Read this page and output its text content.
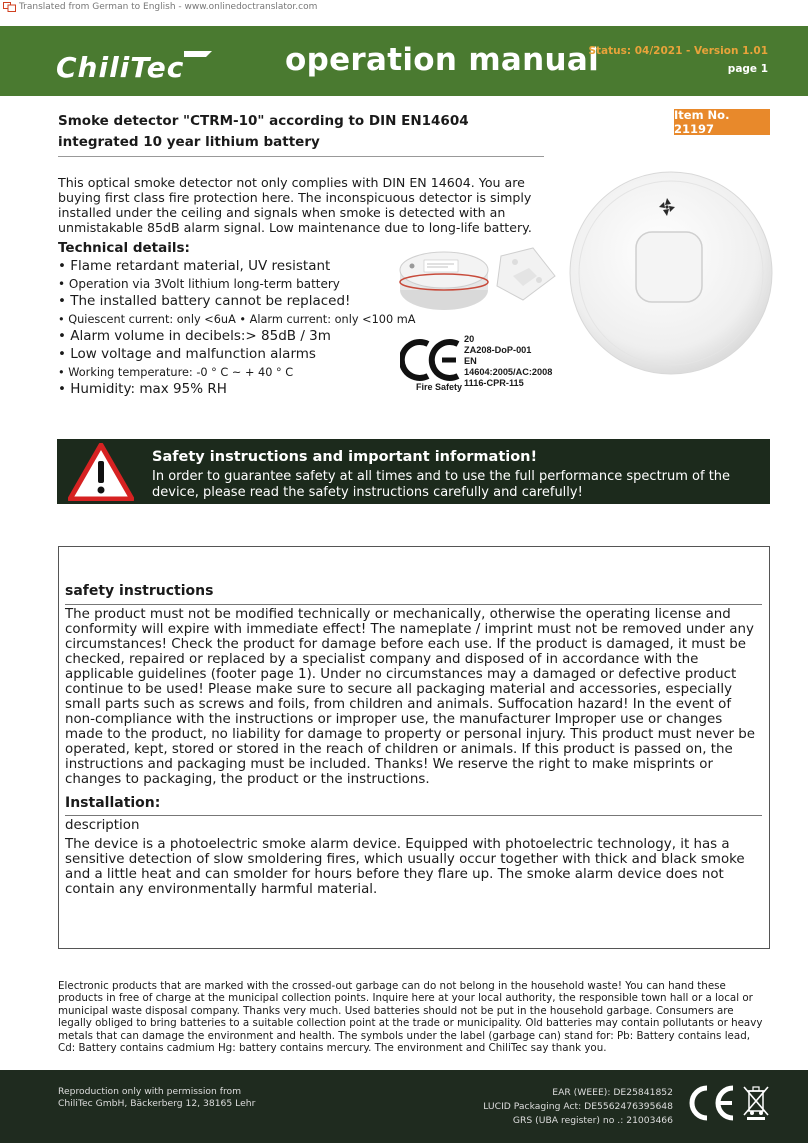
Translated from German to English - www.onlinedoctranslator.com
ChiliTec	operation manual
Status: 04/2021 - Version 1.01
page 1
Smoke detector "CTRM-10" according to DIN EN14604 integrated 10 year lithium battery
Item No. 21197
This optical smoke detector not only complies with DIN EN 14604. You are buying first class fire protection here. The inconspicuous detector is simply installed under the ceiling and signals when smoke is detected with an unmistakable 85dB alarm signal. Low maintenance due to long-life battery.
Technical details:
• Flame retardant material, UV resistant
• Operation via 3Volt lithium long-term battery
• The installed battery cannot be replaced!
• Quiescent current: only <6uA • Alarm current: only <100 mA
• Alarm volume in decibels:> 85dB / 3m
• Low voltage and malfunction alarms
• Working temperature: -0 ° C ~ + 40 ° C
• Humidity: max 95% RH
20
ZA208-DoP-001
EN 14604:2005/AC:2008
1116-CPR-115
Fire Safety
Safety instructions and important information!
In order to guarantee safety at all times and to use the full performance spectrum of the device, please read the safety instructions carefully and carefully!
safety instructions
The product must not be modified technically or mechanically, otherwise the operating license and conformity will expire with immediate effect! The nameplate / imprint must not be removed under any circumstances! Check the product for damage before each use. If the product is damaged, it must be checked, repaired or replaced by a specialist company and disposed of in accordance with the applicable guidelines (footer page 1). Under no circumstances may a damaged or defective product continue to be used! Please make sure to secure all packaging material and accessories, especially small parts such as screws and foils, from children and animals. Suffocation hazard! In the event of non-compliance with the instructions or improper use, the manufacturer Improper use or changes made to the product, no liability for damage to property or personal injury. This product must never be operated, kept, stored or stored in the reach of children or animals. If this product is passed on, the instructions and packaging must be included. Thanks! We reserve the right to make misprints or changes to packaging, the product or the instructions.
Installation:
description
The device is a photoelectric smoke alarm device. Equipped with photoelectric technology, it has a sensitive detection of slow smoldering fires, which usually occur together with thick and black smoke and a little heat and can smolder for hours before they flare up. The smoke alarm device does not contain any environmentally harmful material.
Electronic products that are marked with the crossed-out garbage can do not belong in the household waste! You can hand these products in free of charge at the municipal collection points. Inquire here at your local authority, the responsible town hall or a local or municipal waste disposal company. Thanks very much. Used batteries should not be put in the household garbage. Consumers are legally obliged to bring batteries to a suitable collection point at the trade or municipality. Old batteries may contain pollutants or heavy metals that can damage the environment and health. The symbols under the label (garbage can) stand for: Pb: Battery contains lead, Cd: Battery contains cadmium Hg: battery contains mercury. The environment and ChiliTec say thank you.
Reproduction only with permission from
ChiliTec GmbH, Bäckerberg 12, 38165 Lehr
EAR (WEEE): DE25841852
LUCID Packaging Act: DE5562476395648
GRS (UBA register) no .: 21003466
